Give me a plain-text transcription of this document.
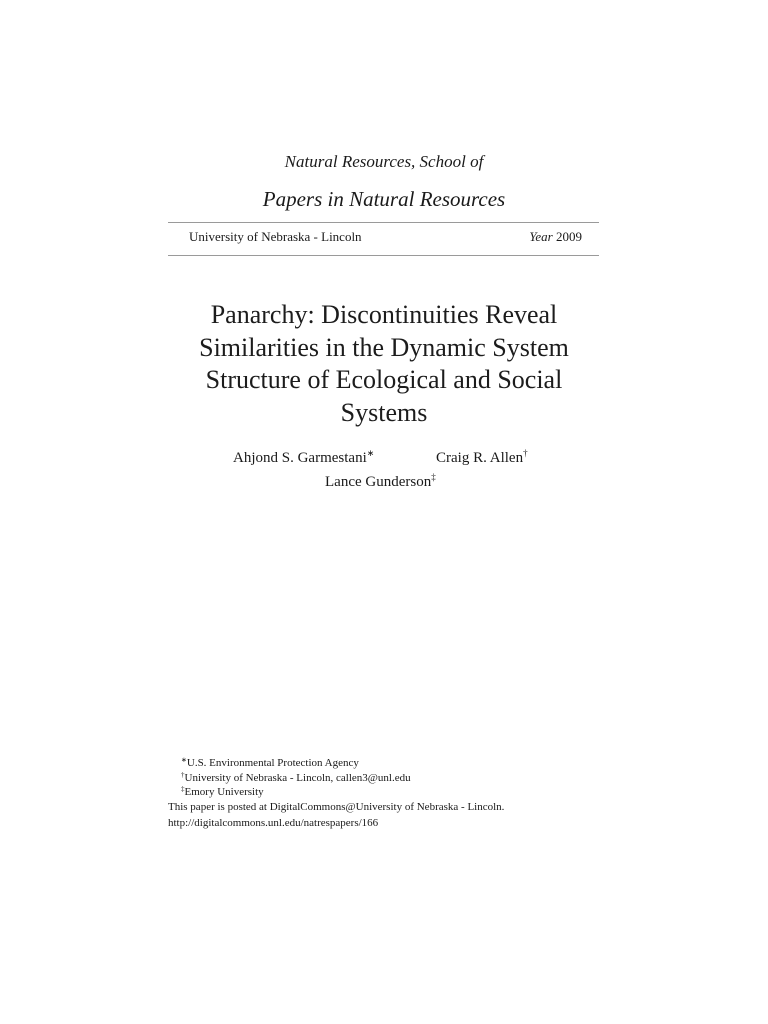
Natural Resources, School of
Papers in Natural Resources
University of Nebraska - Lincoln	Year 2009
Panarchy: Discontinuities Reveal Similarities in the Dynamic System Structure of Ecological and Social Systems
Ahjond S. Garmestani∗	Craig R. Allen†
Lance Gunderson‡
∗U.S. Environmental Protection Agency
†University of Nebraska - Lincoln, callen3@unl.edu
‡Emory University
This paper is posted at DigitalCommons@University of Nebraska - Lincoln.
http://digitalcommons.unl.edu/natrespapers/166
